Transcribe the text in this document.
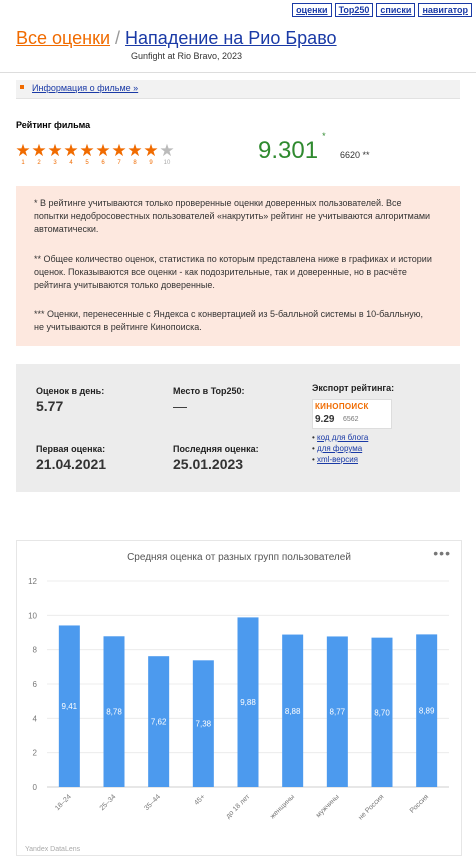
оценки	Top250	списки	навигатор
Все оценки / Нападение на Рио Браво
Gunfight at Rio Bravo, 2023
Информация о фильме »
Рейтинг фильма
★ ★ ★ ★ ★ ★ ★ ★ ★ ★
1	2	3	4	5	6	7	8	9	10	9.301*
6620 **

* В рейтинге учитываются только проверенные оценки доверенных пользователей. Все попытки недобросовестных пользователей «накрутить» рейтинг не учитываются алгоритмами автоматически.

** Общее количество оценок, статистика по которым представлена ниже в графиках и истории оценок. Показываются все оценки - как подозрительные, так и доверенные, но в расчёте рейтинга учитываются только доверенные.

*** Оценки, перенесенные с Яндекса с конвертацией из 5-балльной системы в 10-балльную, не учитываются в рейтинге Кинопоиска.

Оценок в день:
5.77
Место в Top250:
—
Первая оценка:
21.04.2021
Последняя оценка:
25.01.2023
Экспорт рейтинга:
КИНОПОИСК
9.29 6562
• код для блога
• для форума
• xml-версия
Средняя оценка от разных групп пользователей	•••
0
2
4
6
8
10
12
9,41
18–24
8,78
25–34
7,62
35–44
7,38
45+
9,88
до 18 лет
8,88
женщины
8,77
мужчины
8,70
не Россия
8,89
Россия
Yandex DataLens
